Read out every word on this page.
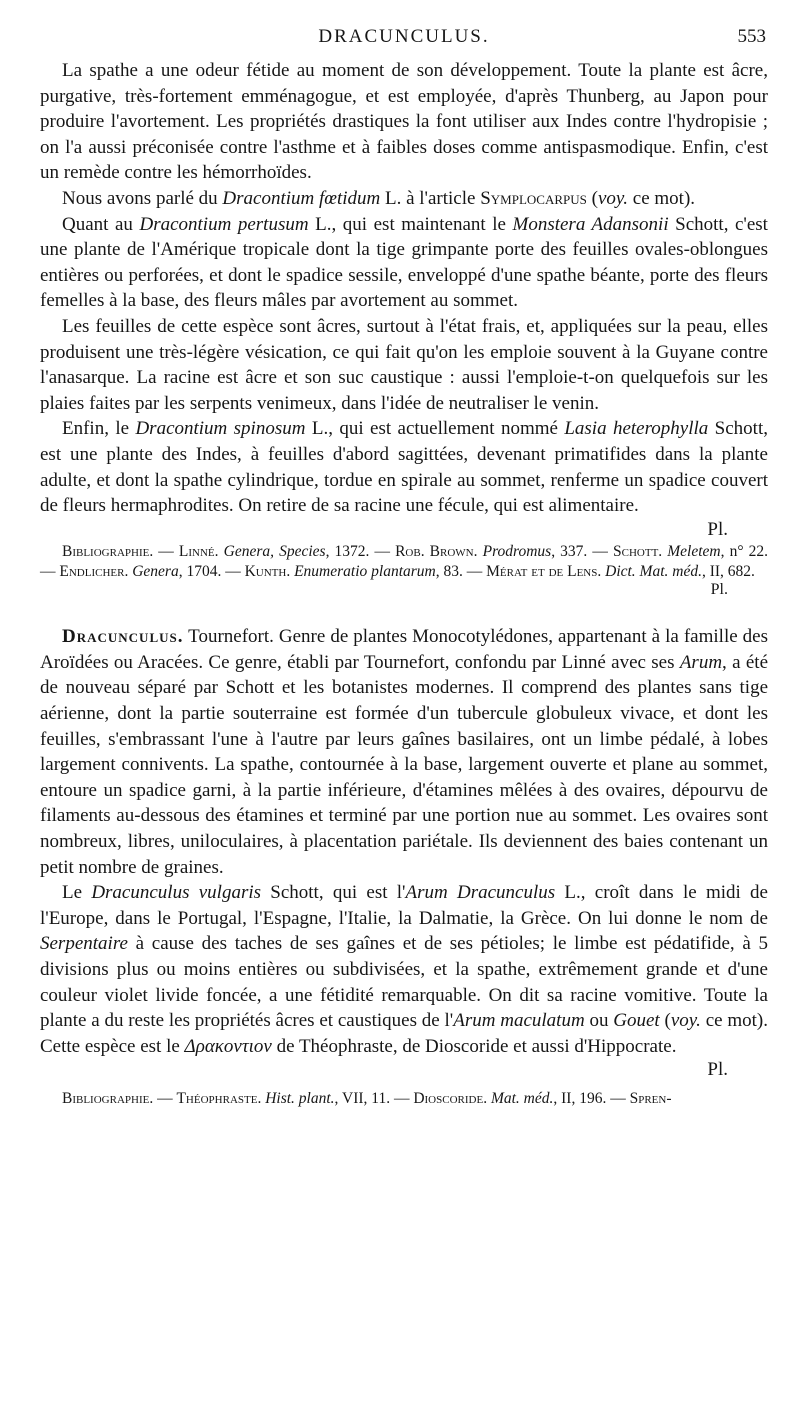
DRACUNCULUS.	553

La spathe a une odeur fétide au moment de son développement. Toute la plante est âcre, purgative, très-fortement emménagogue, et est employée, d'après Thunberg, au Japon pour produire l'avortement. Les propriétés drastiques la font utiliser aux Indes contre l'hydropisie ; on l'a aussi préconisée contre l'asthme et à faibles doses comme antispasmodique. Enfin, c'est un remède contre les hémorrhoïdes.

Nous avons parlé du Dracontium fœtidum L. à l'article Symplocarpus (voy. ce mot).

Quant au Dracontium pertusum L., qui est maintenant le Monstera Adansonii Schott, c'est une plante de l'Amérique tropicale dont la tige grimpante porte des feuilles ovales-oblongues entières ou perforées, et dont le spadice sessile, enveloppé d'une spathe béante, porte des fleurs femelles à la base, des fleurs mâles par avortement au sommet.

Les feuilles de cette espèce sont âcres, surtout à l'état frais, et, appliquées sur la peau, elles produisent une très-légère vésication, ce qui fait qu'on les emploie souvent à la Guyane contre l'anasarque. La racine est âcre et son suc caustique : aussi l'emploie-t-on quelquefois sur les plaies faites par les serpents venimeux, dans l'idée de neutraliser le venin.

Enfin, le Dracontium spinosum L., qui est actuellement nommé Lasia heterophylla Schott, est une plante des Indes, à feuilles d'abord sagittées, devenant primatifides dans la plante adulte, et dont la spathe cylindrique, tordue en spirale au sommet, renferme un spadice couvert de fleurs hermaphrodites. On retire de sa racine une fécule, qui est alimentaire.

Pl.

Bibliographie. — Linné. Genera, Species, 1372. — Rob. Brown. Prodromus, 337. — Schott. Meletem, n° 22. — Endlicher. Genera, 1704. — Kunth. Enumeratio plantarum, 83. — Mérat et de Lens. Dict. Mat. méd., II, 682.

Pl.

Dracunculus. Tournefort. Genre de plantes Monocotylédones, appartenant à la famille des Aroïdées ou Aracées. Ce genre, établi par Tournefort, confondu par Linné avec ses Arum, a été de nouveau séparé par Schott et les botanistes modernes. Il comprend des plantes sans tige aérienne, dont la partie souterraine est formée d'un tubercule globuleux vivace, et dont les feuilles, s'embrassant l'une à l'autre par leurs gaînes basilaires, ont un limbe pédalé, à lobes largement connivents. La spathe, contournée à la base, largement ouverte et plane au sommet, entoure un spadice garni, à la partie inférieure, d'étamines mêlées à des ovaires, dépourvu de filaments au-dessous des étamines et terminé par une portion nue au sommet. Les ovaires sont nombreux, libres, uniloculaires, à placentation pariétale. Ils deviennent des baies contenant un petit nombre de graines.

Le Dracunculus vulgaris Schott, qui est l'Arum Dracunculus L., croît dans le midi de l'Europe, dans le Portugal, l'Espagne, l'Italie, la Dalmatie, la Grèce. On lui donne le nom de Serpentaire à cause des taches de ses gaînes et de ses pétioles; le limbe est pédatifide, à 5 divisions plus ou moins entières ou subdivisées, et la spathe, extrêmement grande et d'une couleur violet livide foncée, a une fétidité remarquable. On dit sa racine vomitive. Toute la plante a du reste les propriétés âcres et caustiques de l'Arum maculatum ou Gouet (voy. ce mot). Cette espèce est le Δρακοντιον de Théophraste, de Dioscoride et aussi d'Hippocrate.

Pl.

Bibliographie. — Théophraste. Hist. plant., VII, 11. — Dioscoride. Mat. méd., II, 196. — Spren-
